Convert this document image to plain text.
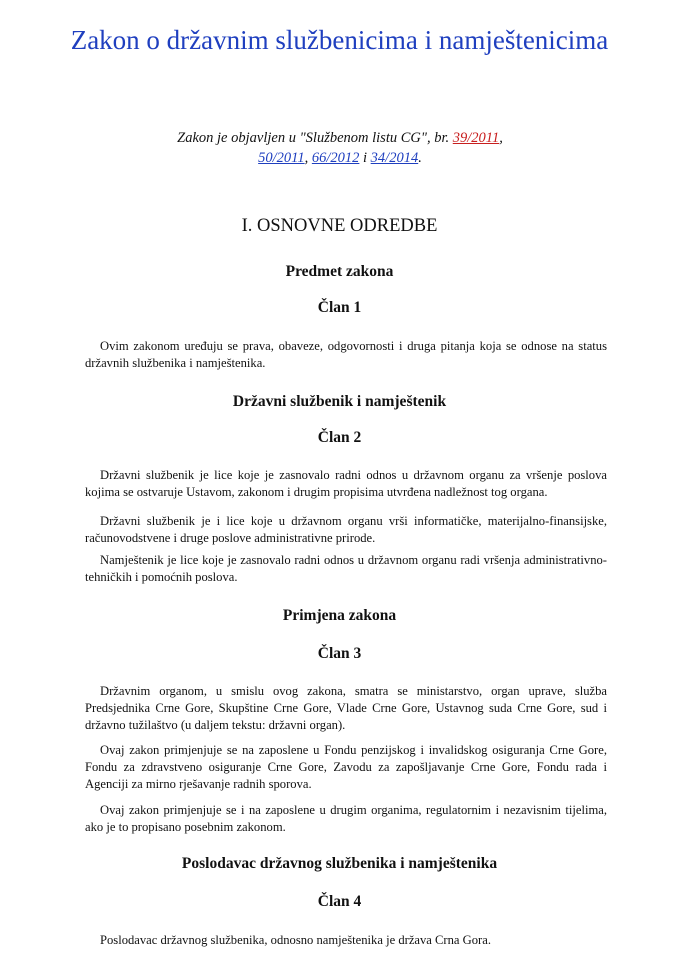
Zakon o državnim službenicima i namještenicima

Zakon je objavljen u "Službenom listu CG", br. 39/2011,
50/2011, 66/2012 i 34/2014.

I. OSNOVNE ODREDBE

Predmet zakona

Član 1

Ovim zakonom uređuju se prava, obaveze, odgovornosti i druga pitanja koja se odnose na status državnih službenika i namještenika.

Državni službenik i namještenik

Član 2

Državni službenik je lice koje je zasnovalo radni odnos u državnom organu za vršenje poslova kojima se ostvaruje Ustavom, zakonom i drugim propisima utvrđena nadležnost tog organa.

Državni službenik je i lice koje u državnom organu vrši informatičke, materijalno-finansijske, računovodstvene i druge poslove administrativne prirode.

Namještenik je lice koje je zasnovalo radni odnos u državnom organu radi vršenja administrativno-tehničkih i pomoćnih poslova.

Primjena zakona

Član 3

Državnim organom, u smislu ovog zakona, smatra se ministarstvo, organ uprave, služba Predsjednika Crne Gore, Skupštine Crne Gore, Vlade Crne Gore, Ustavnog suda Crne Gore, sud i državno tužilaštvo (u daljem tekstu: državni organ).

Ovaj zakon primjenjuje se na zaposlene u Fondu penzijskog i invalidskog osiguranja Crne Gore, Fondu za zdravstveno osiguranje Crne Gore, Zavodu za zapošljavanje Crne Gore, Fondu rada i Agenciji za mirno rješavanje radnih sporova.

Ovaj zakon primjenjuje se i na zaposlene u drugim organima, regulatornim i nezavisnim tijelima, ako je to propisano posebnim zakonom.

Poslodavac državnog službenika i namještenika

Član 4

Poslodavac državnog službenika, odnosno namještenika je država Crna Gora.
